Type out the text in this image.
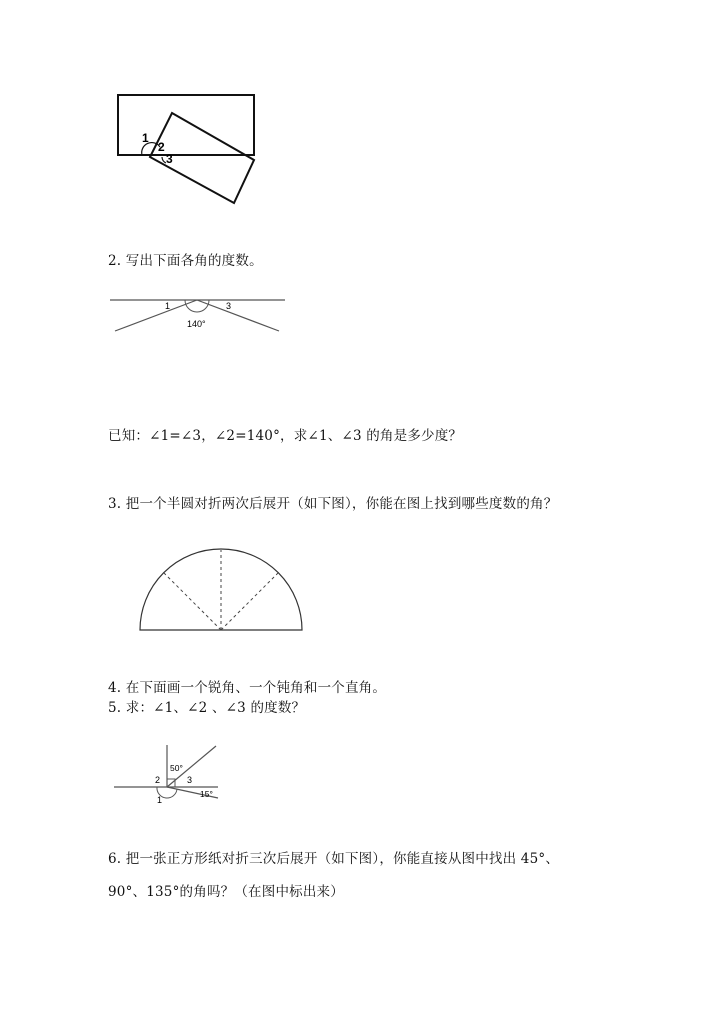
1
2
3
2. 写出下面各角的度数。
1	3
140°
已知：∠1=∠3，∠2=140°，求∠1、∠3 的角是多少度？
3. 把一个半圆对折两次后展开（如下图），你能在图上找到哪些度数的角？
4. 在下面画一个锐角、一个钝角和一个直角。
5. 求：∠1、∠2 、∠3 的度数？
50°
2	3
15°
1
6. 把一张正方形纸对折三次后展开（如下图），你能直接从图中找出 45°、
90°、135°的角吗？（在图中标出来）
